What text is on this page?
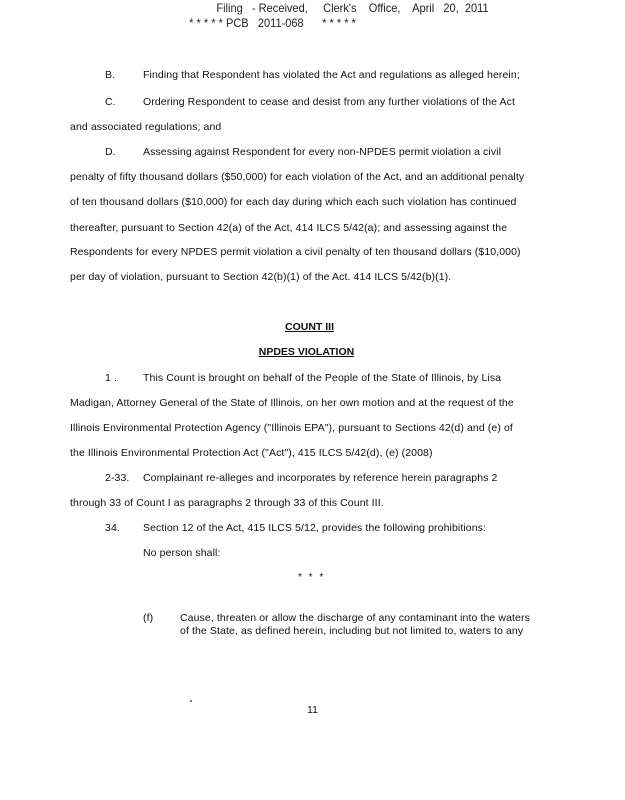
Filing   - Received,     Clerk's    Office,    April   20,  2011
* * * * * PCB   2011-068      * * * * *
B.	Finding that Respondent has violated the Act and regulations as alleged herein;
C.	Ordering Respondent to cease and desist from any further violations of the Act
and associated regulations; and
D.	Assessing against Respondent for every non-NPDES permit violation a civil
penalty of fifty thousand dollars ($50,000) for each violation of the Act, and an additional penalty
of ten thousand dollars ($10,000) for each day during which each such violation has continued
thereafter, pursuant to Section 42(a) of the Act, 414 ILCS 5/42(a); and assessing against the
Respondents for every NPDES permit violation a civil penalty of ten thousand dollars ($10,000)
per day of violation, pursuant to Section 42(b)(1) of the Act. 414 ILCS 5/42(b)(1).
COUNT III
NPDES VIOLATION
1 . This Count is brought on behalf of the People of the State of Illinois, by Lisa
Madigan, Attorney General of the State of Illinois, on her own motion and at the request of the
Illinois Environmental Protection Agency ("Illinois EPA"), pursuant to Sections 42(d) and (e) of
the Illinois Environmental Protection Act ("Act"), 415 ILCS 5/42(d), (e) (2008)
2-33. Complainant re-alleges and incorporates by reference herein paragraphs 2
through 33 of Count I as paragraphs 2 through 33 of this Count III.
34. Section 12 of the Act, 415 ILCS 5/12, provides the following prohibitions:
No person shall:
* * *
(f)	Cause, threaten or allow the discharge of any contaminant into the waters
of the State, as defined herein, including but not limited to, waters to any
11
